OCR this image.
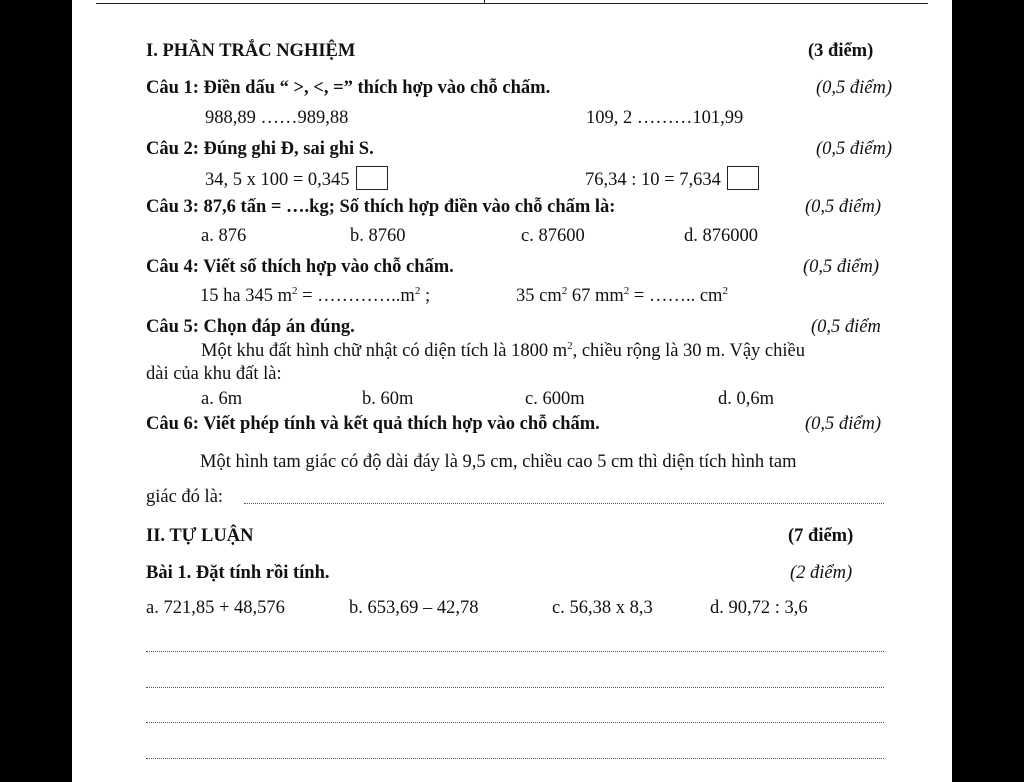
I. PHẦN TRẮC NGHIỆM	(3 điểm)
Câu 1: Điền dấu “ >, <, =” thích hợp vào chỗ chấm.	(0,5 điểm)
988,89 ……989,88	109, 2 ………101,99
Câu 2: Đúng ghi Đ, sai ghi S.	(0,5 điểm)
34, 5 x 100 = 0,345	76,34 : 10 = 7,634
Câu 3: 87,6 tấn = ….kg; Số thích hợp điền vào chỗ chấm là:	(0,5 điểm)
a. 876	b. 8760	c. 87600	d. 876000
Câu 4: Viết số thích hợp vào chỗ chấm.	(0,5 điểm)
15 ha 345 $m^2$ = $\dots\dots\dots\dots..m^2$ ;	35 $cm^2$ 67 $mm^2$ = …….. $cm^2$
Câu 5: Chọn đáp án đúng.	(0,5 điểm
Một khu đất hình chữ nhật có diện tích là 1800 $m^2$, chiều rộng là 30 m. Vậy chiều
dài của khu đất là:
a. 6m	b. 60m	c. 600m	d. 0,6m
Câu 6: Viết phép tính và kết quả thích hợp vào chỗ chấm.	(0,5 điểm)
Một hình tam giác có độ dài đáy là 9,5 cm, chiều cao 5 cm thì diện tích hình tam
giác đó là:
II. TỰ LUẬN	(7 điểm)
Bài 1. Đặt tính rồi tính.	(2 điểm)
a. 721,85 + 48,576	b. 653,69 – 42,78	c. 56,38 x 8,3	d. 90,72 : 3,6
